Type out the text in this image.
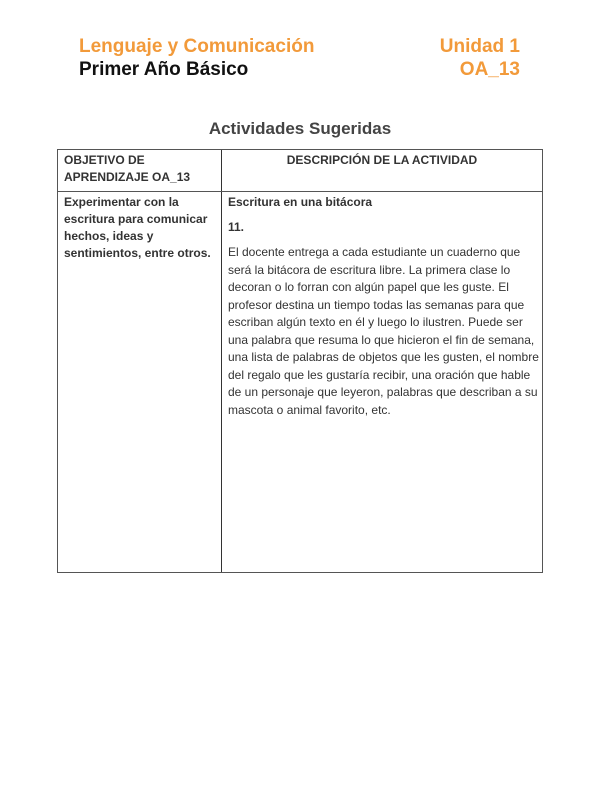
Lenguaje y Comunicación
Primer Año Básico
Unidad 1
OA_13
Actividades Sugeridas
OBJETIVO DE APRENDIZAJE OA_13
DESCRIPCIÓN DE LA ACTIVIDAD
Experimentar con la escritura para comunicar hechos, ideas y sentimientos, entre otros.
Escritura en una bitácora
11.
El docente entrega a cada estudiante un cuaderno que será la bitácora de escritura libre. La primera clase lo decoran o lo forran con algún papel que les guste. El profesor destina un tiempo todas las semanas para que escriban algún texto en él y luego lo ilustren. Puede ser una palabra que resuma lo que hicieron el fin de semana, una lista de palabras de objetos que les gusten, el nombre del regalo que les gustaría recibir, una oración que hable de un personaje que leyeron, palabras que describan a su mascota o animal favorito, etc.
